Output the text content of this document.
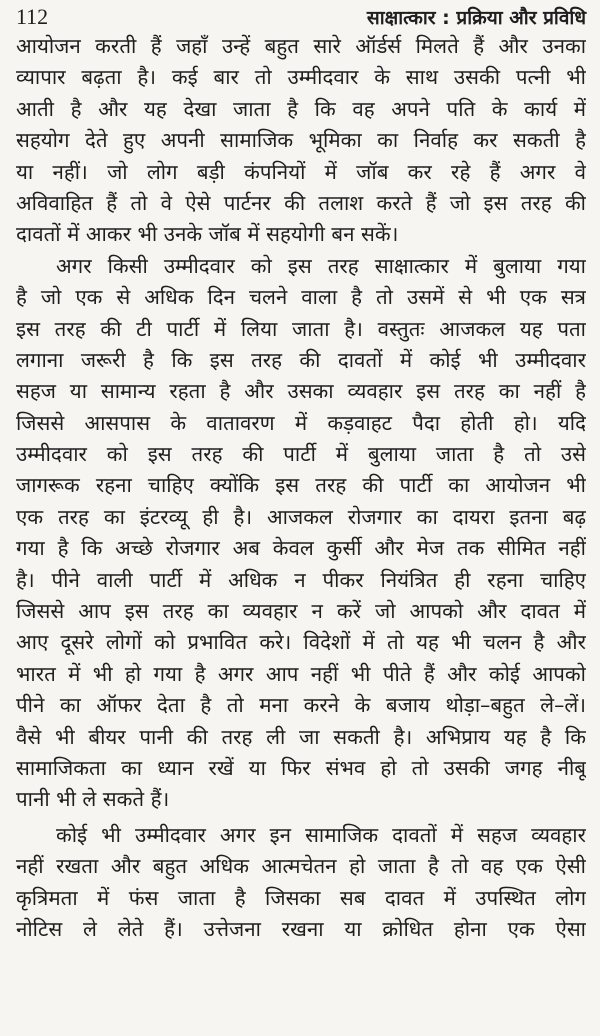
112	साक्षात्कार : प्रक्रिया और प्रविधि
आयोजन करती हैं जहाँ उन्हें बहुत सारे ऑर्डर्स मिलते हैं और उनका
व्यापार बढ़ता है। कई बार तो उम्मीदवार के साथ उसकी पत्नी भी
आती है और यह देखा जाता है कि वह अपने पति के कार्य में
सहयोग देते हुए अपनी सामाजिक भूमिका का निर्वाह कर सकती है
या नहीं। जो लोग बड़ी कंपनियों में जॉब कर रहे हैं अगर वे
अविवाहित हैं तो वे ऐसे पार्टनर की तलाश करते हैं जो इस तरह की
दावतों में आकर भी उनके जॉब में सहयोगी बन सकें।
अगर किसी उम्मीदवार को इस तरह साक्षात्कार में बुलाया गया
है जो एक से अधिक दिन चलने वाला है तो उसमें से भी एक सत्र
इस तरह की टी पार्टी में लिया जाता है। वस्तुतः आजकल यह पता
लगाना जरूरी है कि इस तरह की दावतों में कोई भी उम्मीदवार
सहज या सामान्य रहता है और उसका व्यवहार इस तरह का नहीं है
जिससे आसपास के वातावरण में कड़वाहट पैदा होती हो। यदि
उम्मीदवार को इस तरह की पार्टी में बुलाया जाता है तो उसे
जागरूक रहना चाहिए क्योंकि इस तरह की पार्टी का आयोजन भी
एक तरह का इंटरव्यू ही है। आजकल रोजगार का दायरा इतना बढ़
गया है कि अच्छे रोजगार अब केवल कुर्सी और मेज तक सीमित नहीं
है। पीने वाली पार्टी में अधिक न पीकर नियंत्रित ही रहना चाहिए
जिससे आप इस तरह का व्यवहार न करें जो आपको और दावत में
आए दूसरे लोगों को प्रभावित करे। विदेशों में तो यह भी चलन है और
भारत में भी हो गया है अगर आप नहीं भी पीते हैं और कोई आपको
पीने का ऑफर देता है तो मना करने के बजाय थोड़ा–बहुत ले–लें।
वैसे भी बीयर पानी की तरह ली जा सकती है। अभिप्राय यह है कि
सामाजिकता का ध्यान रखें या फिर संभव हो तो उसकी जगह नीबू
पानी भी ले सकते हैं।
कोई भी उम्मीदवार अगर इन सामाजिक दावतों में सहज व्यवहार
नहीं रखता और बहुत अधिक आत्मचेतन हो जाता है तो वह एक ऐसी
कृत्रिमता में फंस जाता है जिसका सब दावत में उपस्थित लोग
नोटिस ले लेते हैं। उत्तेजना रखना या क्रोधित होना एक ऐसा
